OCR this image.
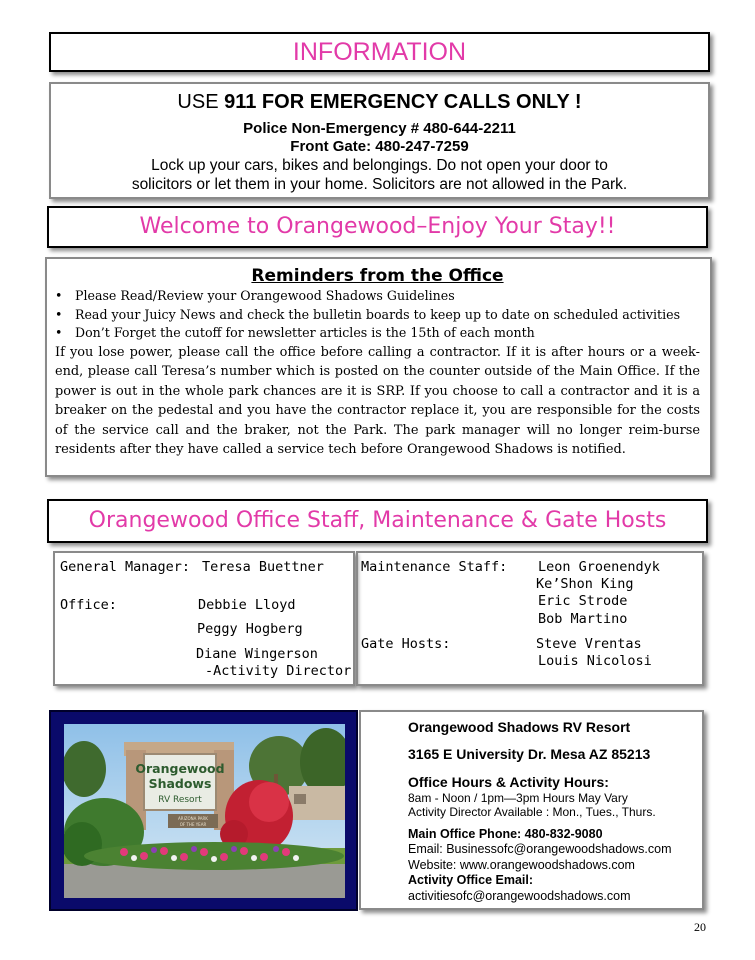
INFORMATION
USE 911 FOR EMERGENCY CALLS ONLY !
Police Non-Emergency # 480-644-2211
Front Gate: 480-247-7259
Lock up your cars, bikes and belongings. Do not open your door to
solicitors or let them in your home. Solicitors are not allowed in the Park.
Welcome to Orangewood–Enjoy Your Stay!!
Reminders from the Office
• Please Read/Review your Orangewood Shadows Guidelines
• Read your Juicy News and check the bulletin boards to keep up to date on scheduled activities
• Don’t Forget the cutoff for newsletter articles is the 15th of each month

If you lose power, please call the office before calling a contractor. If it is after hours or a week-end, please call Teresa’s number which is posted on the counter outside of the Main Office. If the power is out in the whole park chances are it is SRP. If you choose to call a contractor and it is a breaker on the pedestal and you have the contractor replace it, you are responsible for the costs of the service call and the braker, not the Park. The park manager will no longer reim-burse residents after they have called a service tech before Orangewood Shadows is notified.

Orangewood Office Staff, Maintenance & Gate Hosts
General Manager: Teresa Buettner
Office:	Debbie Lloyd
Peggy Hogberg
Diane Wingerson
-Activity Director
Maintenance Staff: Leon Groenendyk
Ke’Shon King
Eric Strode
Bob Martino
Gate Hosts:	Steve Vrentas
Louis Nicolosi
Orangewood
Shadows
RV Resort
ARIZONA PARK
OF THE YEAR
Orangewood Shadows RV Resort
3165 E University Dr. Mesa AZ 85213
Office Hours & Activity Hours:
8am - Noon / 1pm—3pm Hours May Vary
Activity Director Available : Mon., Tues., Thurs.
Main Office Phone: 480-832-9080
Email: Businessofc@orangewoodshadows.com
Website: www.orangewoodshadows.com
Activity Office Email:
activitiesofc@orangewoodshadows.com
20
